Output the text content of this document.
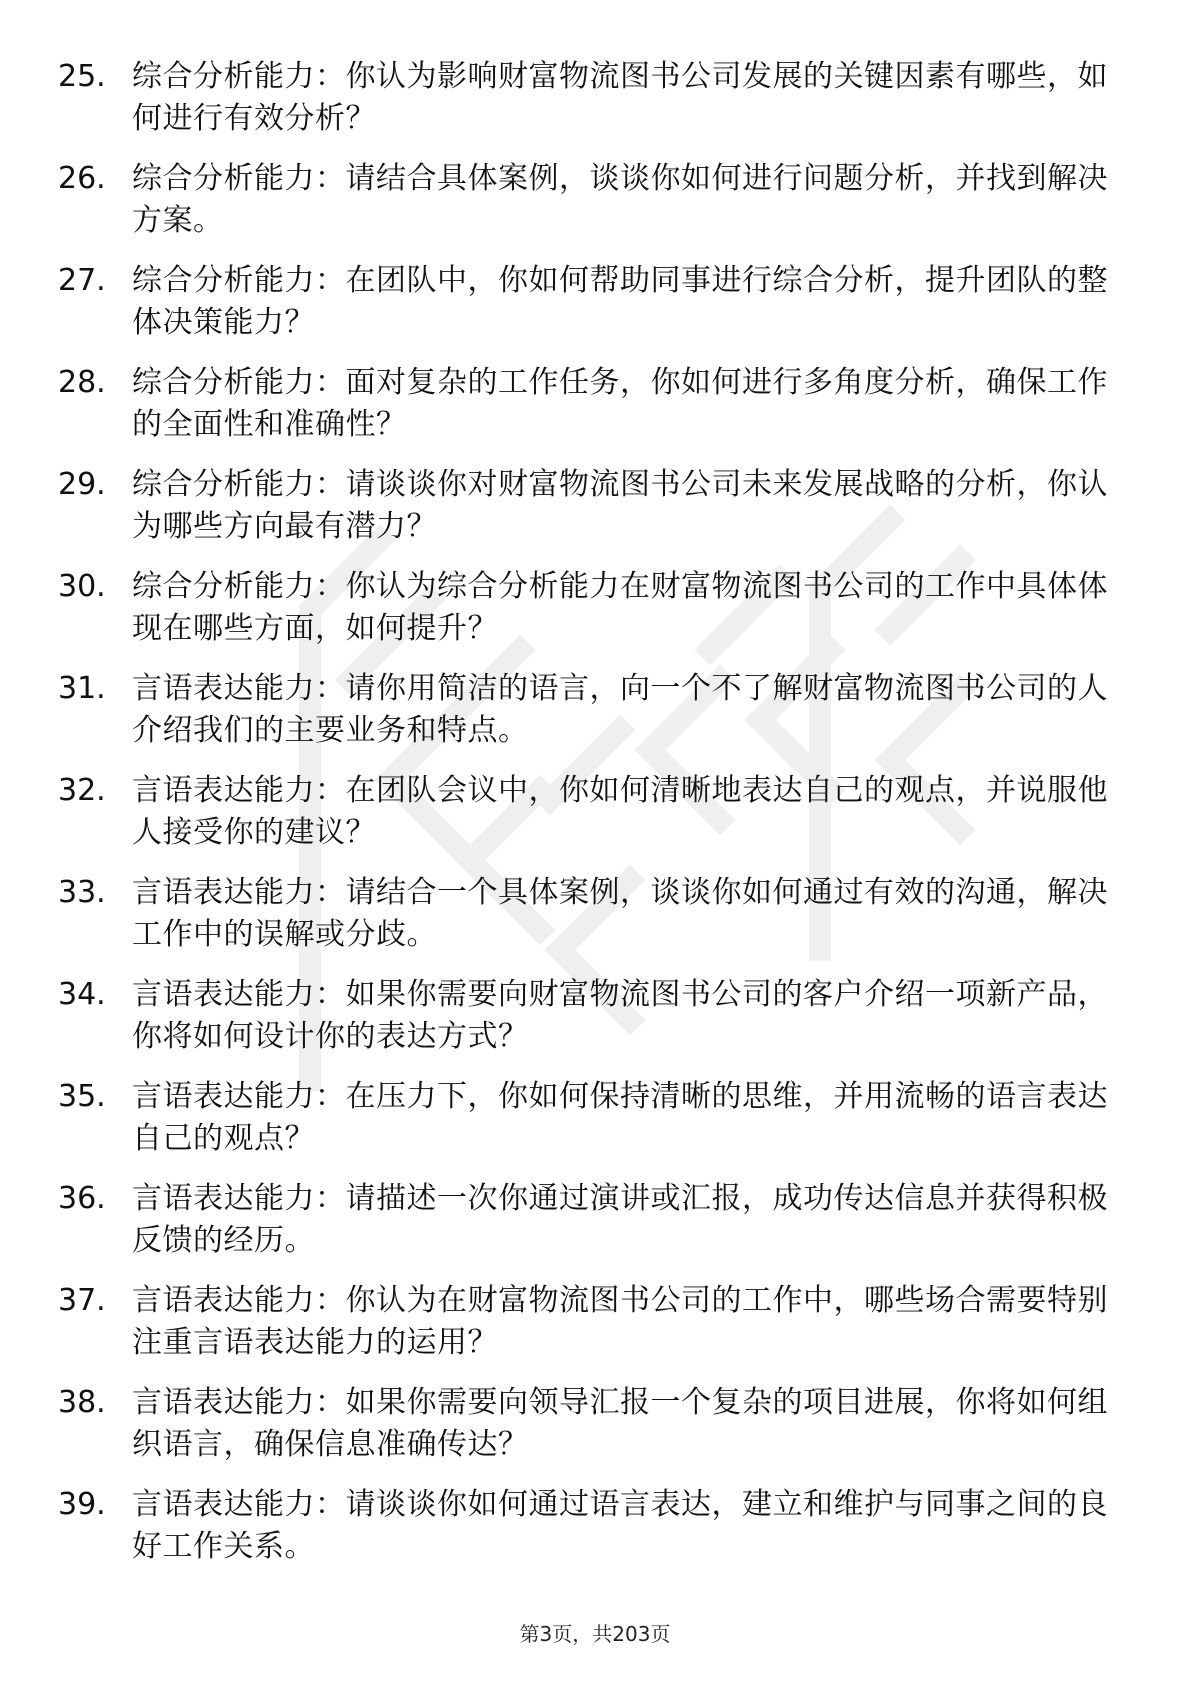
25. 综合分析能力：你认为影响财富物流图书公司发展的关键因素有哪些，如何进行有效分析？
26. 综合分析能力：请结合具体案例，谈谈你如何进行问题分析，并找到解决方案。
27. 综合分析能力：在团队中，你如何帮助同事进行综合分析，提升团队的整体决策能力？
28. 综合分析能力：面对复杂的工作任务，你如何进行多角度分析，确保工作的全面性和准确性？
29. 综合分析能力：请谈谈你对财富物流图书公司未来发展战略的分析，你认为哪些方向最有潜力？
30. 综合分析能力：你认为综合分析能力在财富物流图书公司的工作中具体体现在哪些方面，如何提升？
31. 言语表达能力：请你用简洁的语言，向一个不了解财富物流图书公司的人介绍我们的主要业务和特点。
32. 言语表达能力：在团队会议中，你如何清晰地表达自己的观点，并说服他人接受你的建议？
33. 言语表达能力：请结合一个具体案例，谈谈你如何通过有效的沟通，解决工作中的误解或分歧。
34. 言语表达能力：如果你需要向财富物流图书公司的客户介绍一项新产品，你将如何设计你的表达方式？
35. 言语表达能力：在压力下，你如何保持清晰的思维，并用流畅的语言表达自己的观点？
36. 言语表达能力：请描述一次你通过演讲或汇报，成功传达信息并获得积极反馈的经历。
37. 言语表达能力：你认为在财富物流图书公司的工作中，哪些场合需要特别注重言语表达能力的运用？
38. 言语表达能力：如果你需要向领导汇报一个复杂的项目进展，你将如何组织语言，确保信息准确传达？
39. 言语表达能力：请谈谈你如何通过语言表达，建立和维护与同事之间的良好工作关系。
第3页，共203页
